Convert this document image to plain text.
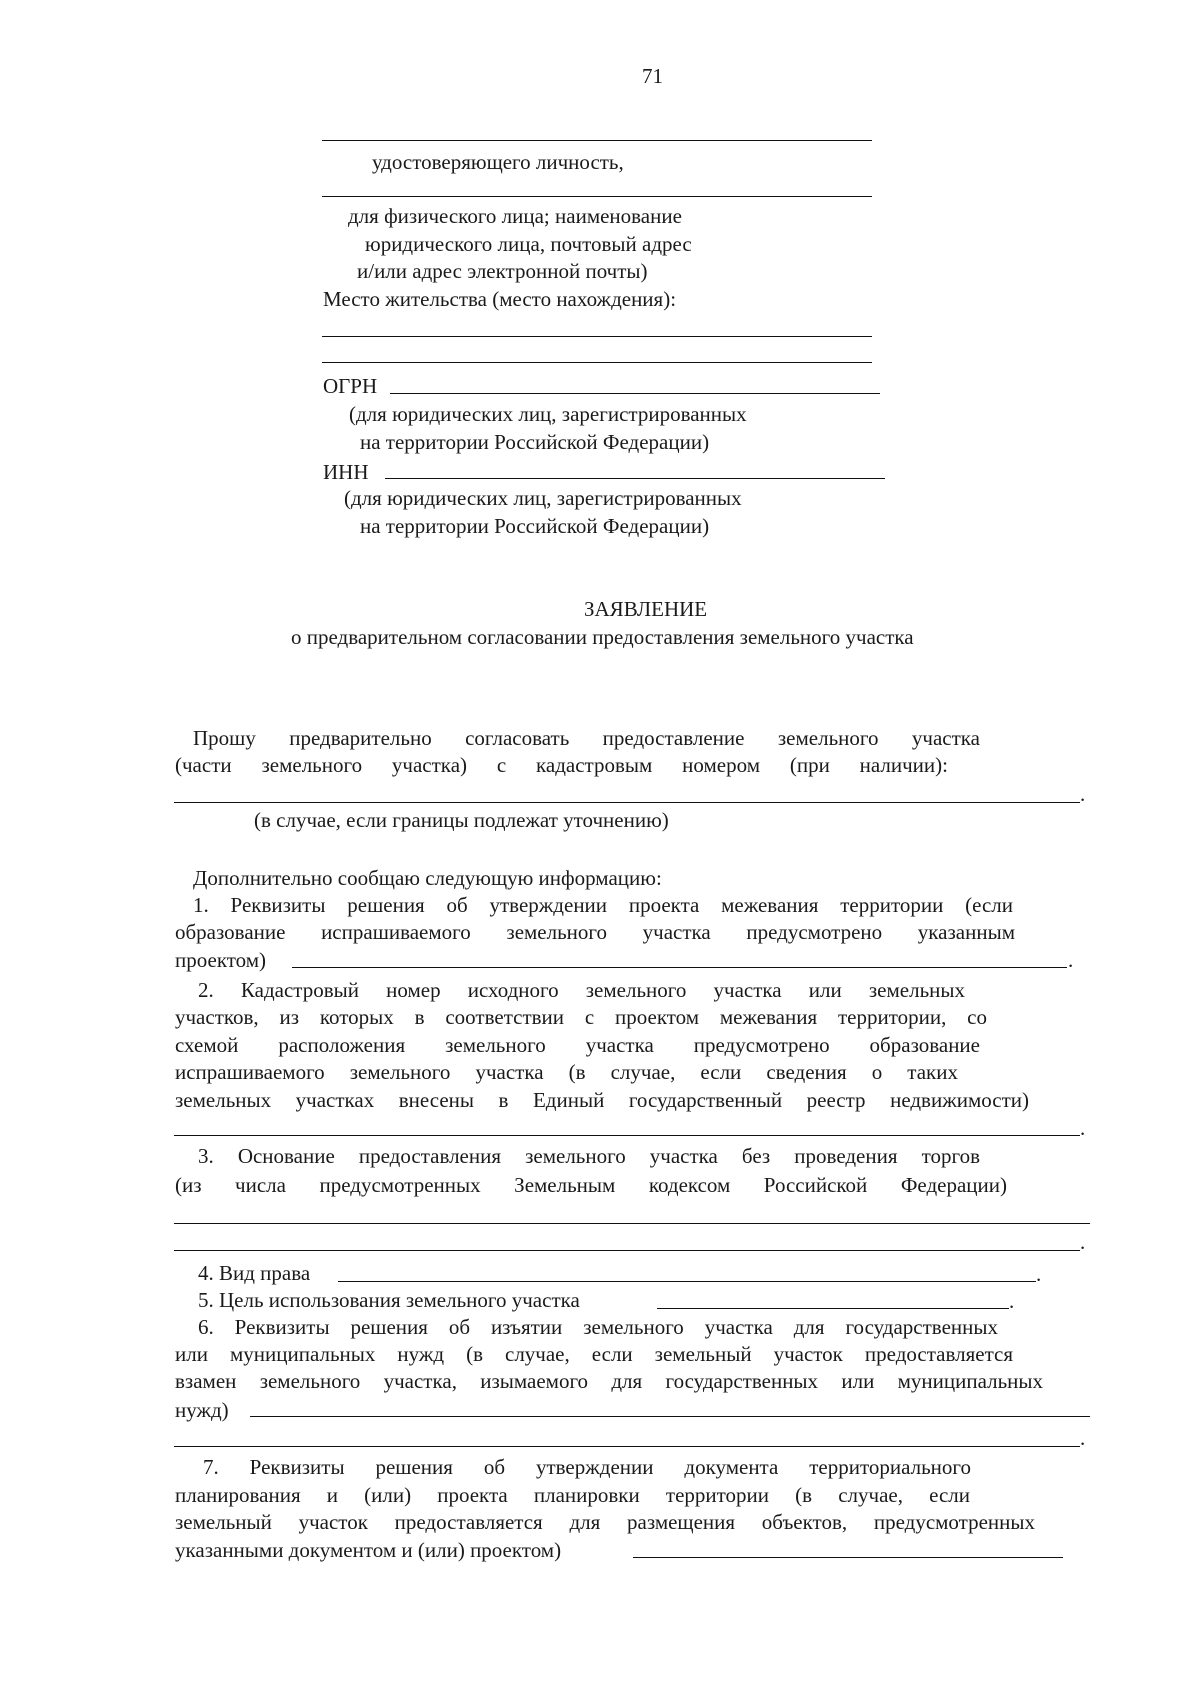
71
удостоверяющего личность,
для физического лица; наименование
юридического лица, почтовый адрес
и/или адрес электронной почты)
Место жительства (место нахождения):
ОГРН
(для юридических лиц, зарегистрированных
на территории Российской Федерации)
ИНН
(для юридических лиц, зарегистрированных
на территории Российской Федерации)
ЗАЯВЛЕНИЕ
о предварительном согласовании предоставления земельного участка
Прошу предварительно согласовать предоставление земельного участка
(части земельного участка) с кадастровым номером (при наличии):
.
(в случае, если границы подлежат уточнению)
Дополнительно сообщаю следующую информацию:
1. Реквизиты решения об утверждении проекта межевания территории (если
образование испрашиваемого земельного участка предусмотрено указанным
проектом)	.
2. Кадастровый номер исходного земельного участка или земельных
участков, из которых в соответствии с проектом межевания территории, со
схемой расположения земельного участка предусмотрено образование
испрашиваемого земельного участка (в случае, если сведения о таких
земельных участках внесены в Единый государственный реестр недвижимости)
.
3. Основание предоставления земельного участка без проведения торгов
(из числа предусмотренных Земельным кодексом Российской Федерации)
.
4. Вид права	.
5. Цель использования земельного участка	.
6. Реквизиты решения об изъятии земельного участка для государственных
или муниципальных нужд (в случае, если земельный участок предоставляется
взамен земельного участка, изымаемого для государственных или муниципальных
нужд)
.
7. Реквизиты решения об утверждении документа территориального
планирования и (или) проекта планировки территории (в случае, если
земельный участок предоставляется для размещения объектов, предусмотренных
указанными документом и (или) проектом)
